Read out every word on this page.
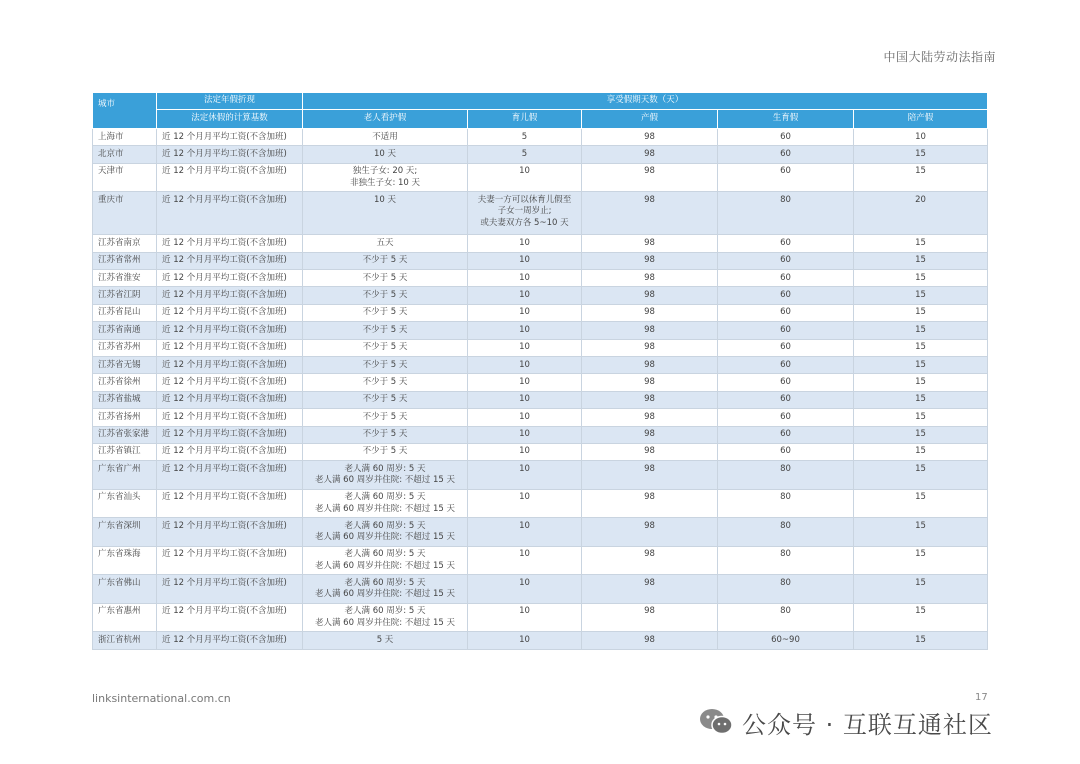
中国大陆劳动法指南
城市	法定年假折现	享受假期天数（天）				
	法定休假的计算基数	老人看护假	育儿假	产假	生育假	陪产假
上海市	近 12 个月月平均工资(不含加班)	不适用	5	98	60	10
北京市	近 12 个月月平均工资(不含加班)	10 天	5	98	60	15
天津市	近 12 个月月平均工资(不含加班)	独生子女: 20 天;
非独生子女: 10 天	10	98	60	15
重庆市	近 12 个月月平均工资(不含加班)	10 天	夫妻一方可以休育儿假至
子女一周岁止;
或夫妻双方各 5~10 天	98	80	20
江苏省南京	近 12 个月月平均工资(不含加班)	五天	10	98	60	15
江苏省常州	近 12 个月月平均工资(不含加班)	不少于 5 天	10	98	60	15
江苏省淮安	近 12 个月月平均工资(不含加班)	不少于 5 天	10	98	60	15
江苏省江阴	近 12 个月月平均工资(不含加班)	不少于 5 天	10	98	60	15
江苏省昆山	近 12 个月月平均工资(不含加班)	不少于 5 天	10	98	60	15
江苏省南通	近 12 个月月平均工资(不含加班)	不少于 5 天	10	98	60	15
江苏省苏州	近 12 个月月平均工资(不含加班)	不少于 5 天	10	98	60	15
江苏省无锡	近 12 个月月平均工资(不含加班)	不少于 5 天	10	98	60	15
江苏省徐州	近 12 个月月平均工资(不含加班)	不少于 5 天	10	98	60	15
江苏省盐城	近 12 个月月平均工资(不含加班)	不少于 5 天	10	98	60	15
江苏省扬州	近 12 个月月平均工资(不含加班)	不少于 5 天	10	98	60	15
江苏省张家港	近 12 个月月平均工资(不含加班)	不少于 5 天	10	98	60	15
江苏省镇江	近 12 个月月平均工资(不含加班)	不少于 5 天	10	98	60	15
广东省广州	近 12 个月月平均工资(不含加班)	老人满 60 周岁: 5 天
老人满 60 周岁并住院: 不超过 15 天	10	98	80	15
广东省汕头	近 12 个月月平均工资(不含加班)	老人满 60 周岁: 5 天
老人满 60 周岁并住院: 不超过 15 天	10	98	80	15
广东省深圳	近 12 个月月平均工资(不含加班)	老人满 60 周岁: 5 天
老人满 60 周岁并住院: 不超过 15 天	10	98	80	15
广东省珠海	近 12 个月月平均工资(不含加班)	老人满 60 周岁: 5 天
老人满 60 周岁并住院: 不超过 15 天	10	98	80	15
广东省佛山	近 12 个月月平均工资(不含加班)	老人满 60 周岁: 5 天
老人满 60 周岁并住院: 不超过 15 天	10	98	80	15
广东省惠州	近 12 个月月平均工资(不含加班)	老人满 60 周岁: 5 天
老人满 60 周岁并住院: 不超过 15 天	10	98	80	15
浙江省杭州	近 12 个月月平均工资(不含加班)	5 天	10	98	60~90	15
linksinternational.com.cn	17
公众号 · 互联互通社区
